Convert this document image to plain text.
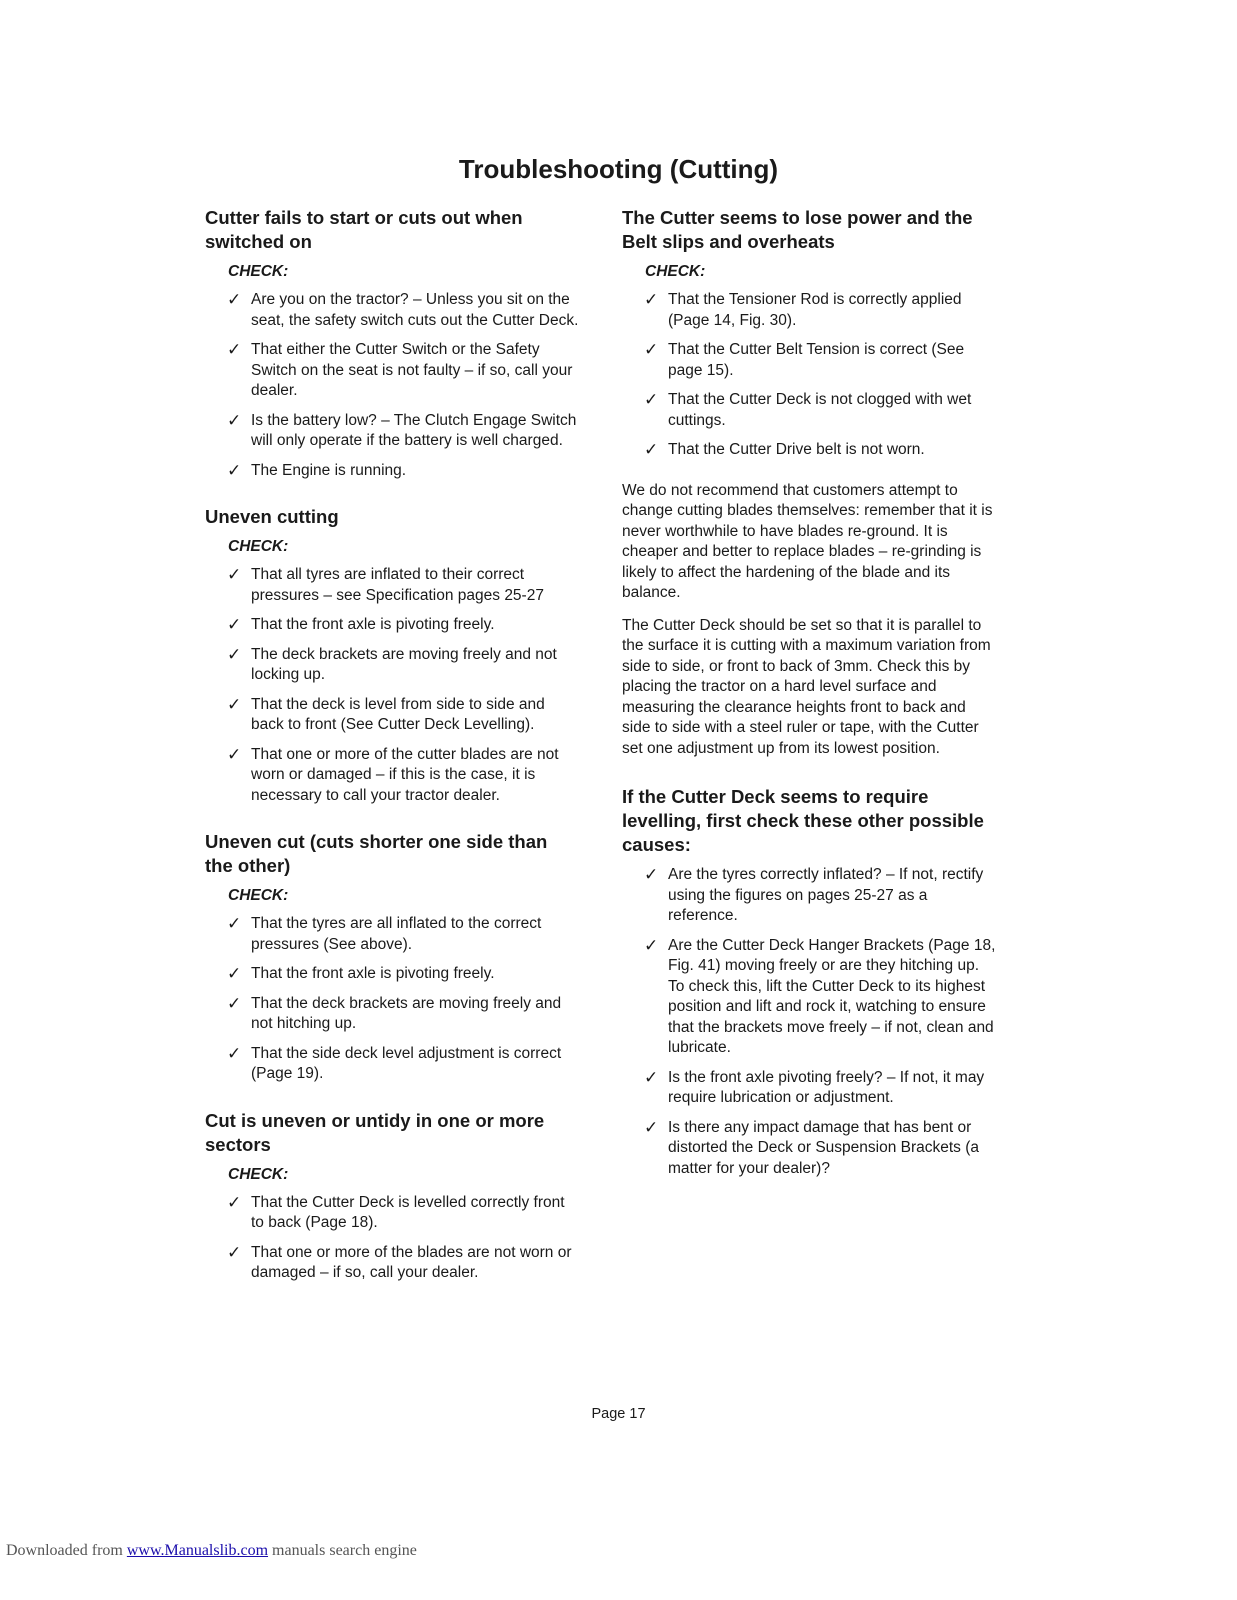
Troubleshooting (Cutting)
Cutter fails to start or cuts out when switched on
CHECK:
✓ Are you on the tractor? – Unless you sit on the seat, the safety switch cuts out the Cutter Deck.
✓ That either the Cutter Switch or the Safety Switch on the seat is not faulty – if so, call your dealer.
✓ Is the battery low? – The Clutch Engage Switch will only operate if the battery is well charged.
✓ The Engine is running.
Uneven cutting
CHECK:
✓ That all tyres are inflated to their correct pressures – see Specification pages 25-27
✓ That the front axle is pivoting freely.
✓ The deck brackets are moving freely and not locking up.
✓ That the deck is level from side to side and back to front (See Cutter Deck Levelling).
✓ That one or more of the cutter blades are not worn or damaged – if this is the case, it is necessary to call your tractor dealer.
Uneven cut (cuts shorter one side than the other)
CHECK:
✓ That the tyres are all inflated to the correct pressures (See above).
✓ That the front axle is pivoting freely.
✓ That the deck brackets are moving freely and not hitching up.
✓ That the side deck level adjustment is correct (Page 19).
Cut is uneven or untidy in one or more sectors
CHECK:
✓ That the Cutter Deck is levelled correctly front to back (Page 18).
✓ That one or more of the blades are not worn or damaged – if so, call your dealer.
The Cutter seems to lose power and the Belt slips and overheats
CHECK:
✓ That the Tensioner Rod is correctly applied (Page 14, Fig. 30).
✓ That the Cutter Belt Tension is correct (See page 15).
✓ That the Cutter Deck is not clogged with wet cuttings.
✓ That the Cutter Drive belt is not worn.

We do not recommend that customers attempt to change cutting blades themselves: remember that it is never worthwhile to have blades re-ground. It is cheaper and better to replace blades – re-grinding is likely to affect the hardening of the blade and its balance.

The Cutter Deck should be set so that it is parallel to the surface it is cutting with a maximum variation from side to side, or front to back of 3mm. Check this by placing the tractor on a hard level surface and measuring the clearance heights front to back and side to side with a steel ruler or tape, with the Cutter set one adjustment up from its lowest position.

If the Cutter Deck seems to require levelling, first check these other possible causes:
✓ Are the tyres correctly inflated? – If not, rectify using the figures on pages 25-27 as a reference.
✓ Are the Cutter Deck Hanger Brackets (Page 18, Fig. 41) moving freely or are they hitching up. To check this, lift the Cutter Deck to its highest position and lift and rock it, watching to ensure that the brackets move freely – if not, clean and lubricate.
✓ Is the front axle pivoting freely? – If not, it may require lubrication or adjustment.
✓ Is there any impact damage that has bent or distorted the Deck or Suspension Brackets (a matter for your dealer)?
Page 17
Downloaded from www.Manualslib.com manuals search engine
